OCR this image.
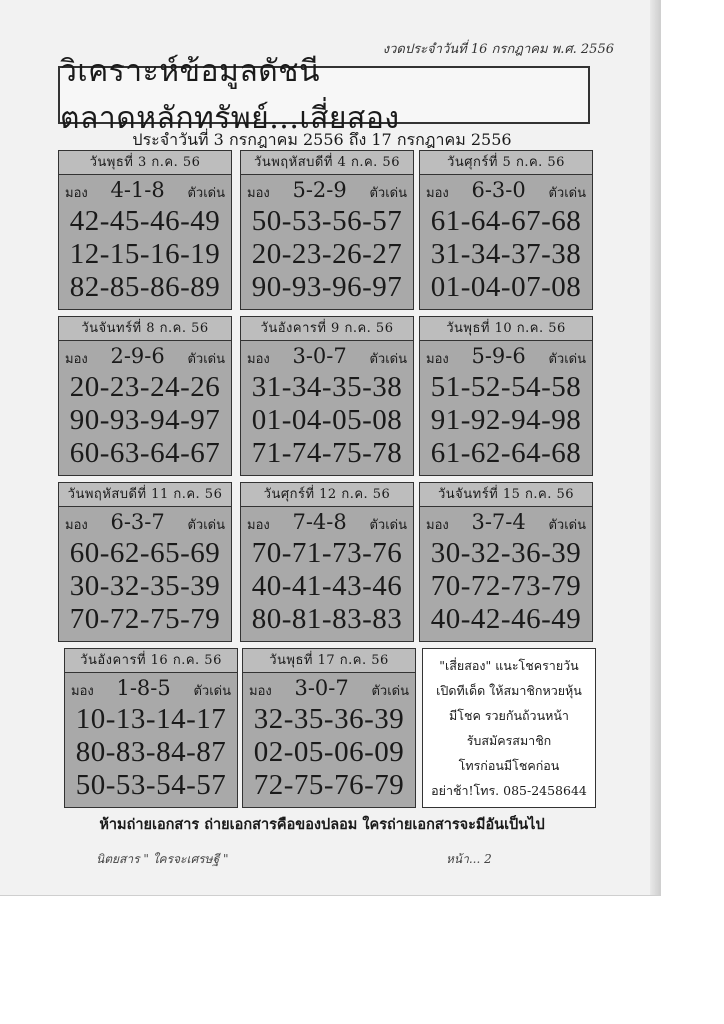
งวดประจำวันที่ 16 กรกฎาคม พ.ศ. 2556
วิเคราะห์ข้อมูลดัชนีตลาดหลักทรัพย์...เสี่ยสอง
ประจำวันที่ 3 กรกฎาคม 2556 ถึง 17 กรกฎาคม 2556
วันพุธที่ 3 ก.ค. 56
มอง 4-1-8 ตัวเด่น
42-45-46-49
12-15-16-19
82-85-86-89
วันพฤหัสบดีที่ 4 ก.ค. 56
มอง 5-2-9 ตัวเด่น
50-53-56-57
20-23-26-27
90-93-96-97
วันศุกร์ที่ 5 ก.ค. 56
มอง 6-3-0 ตัวเด่น
61-64-67-68
31-34-37-38
01-04-07-08
วันจันทร์ที่ 8 ก.ค. 56
มอง 2-9-6 ตัวเด่น
20-23-24-26
90-93-94-97
60-63-64-67
วันอังคารที่ 9 ก.ค. 56
มอง 3-0-7 ตัวเด่น
31-34-35-38
01-04-05-08
71-74-75-78
วันพุธที่ 10 ก.ค. 56
มอง 5-9-6 ตัวเด่น
51-52-54-58
91-92-94-98
61-62-64-68
วันพฤหัสบดีที่ 11 ก.ค. 56
มอง 6-3-7 ตัวเด่น
60-62-65-69
30-32-35-39
70-72-75-79
วันศุกร์ที่ 12 ก.ค. 56
มอง 7-4-8 ตัวเด่น
70-71-73-76
40-41-43-46
80-81-83-83
วันจันทร์ที่ 15 ก.ค. 56
มอง 3-7-4 ตัวเด่น
30-32-36-39
70-72-73-79
40-42-46-49
วันอังคารที่ 16 ก.ค. 56
มอง 1-8-5 ตัวเด่น
10-13-14-17
80-83-84-87
50-53-54-57
วันพุธที่ 17 ก.ค. 56
มอง 3-0-7 ตัวเด่น
32-35-36-39
02-05-06-09
72-75-76-79
"เสี่ยสอง" แนะโชครายวัน
เปิดทีเด็ด ให้สมาชิกหวยหุ้น
มีโชค รวยกันถ้วนหน้า
รับสมัครสมาชิก
โทรก่อนมีโชคก่อน
อย่าช้า!โทร. 085-2458644
ห้ามถ่ายเอกสาร ถ่ายเอกสารคือของปลอม ใครถ่ายเอกสารจะมีอันเป็นไป
นิตยสาร " ใครจะเศรษฐี "	หน้า... 2
